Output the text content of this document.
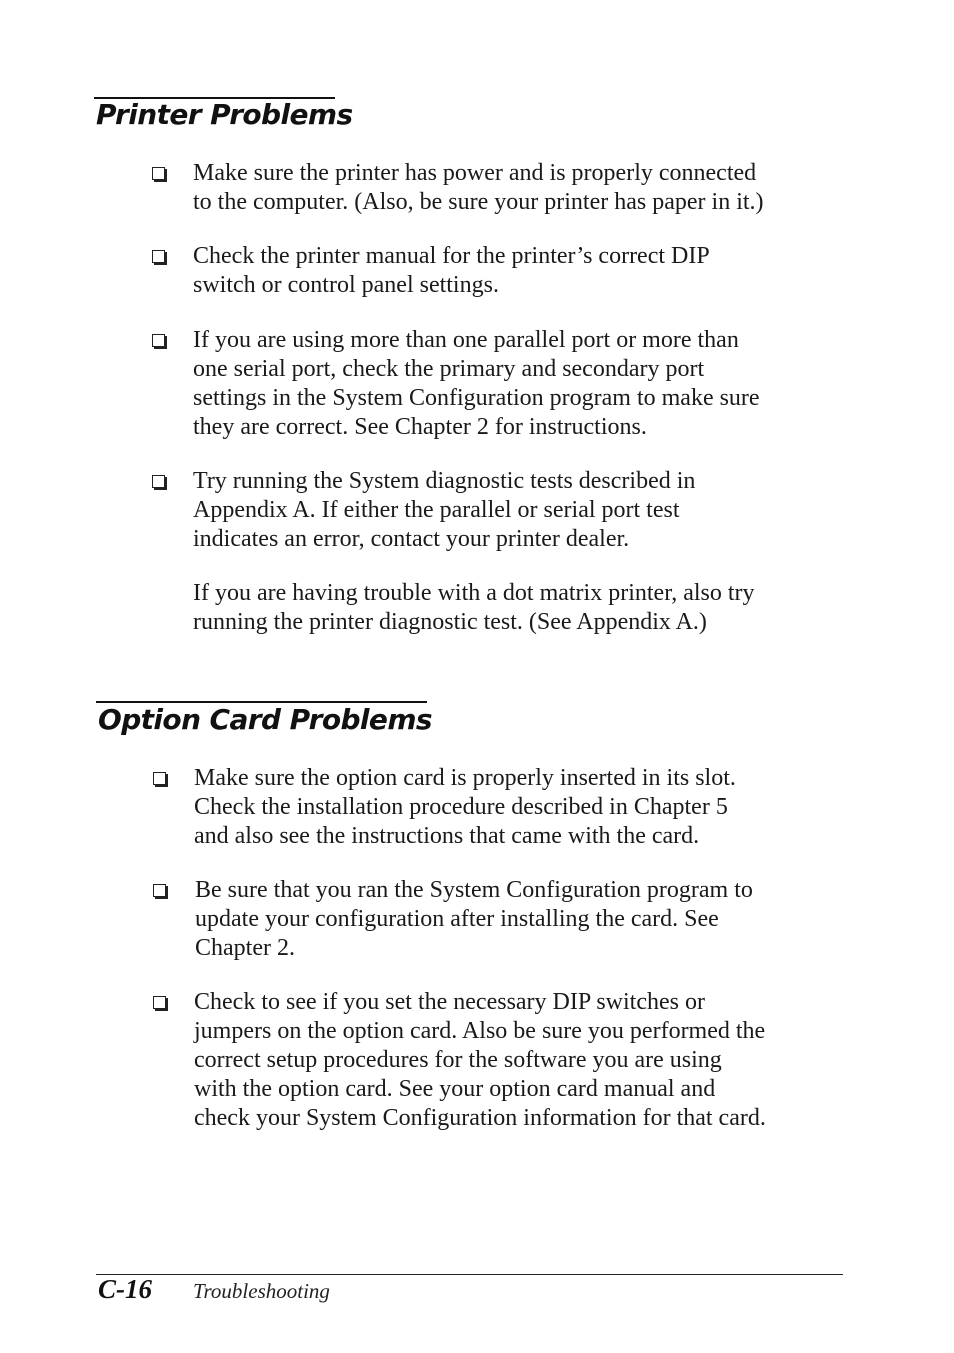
Printer Problems
Make sure the printer has power and is properly connected
to the computer. (Also, be sure your printer has paper in it.)
Check the printer manual for the printer’s correct DIP
switch or control panel settings.
If you are using more than one parallel port or more than
one serial port, check the primary and secondary port
settings in the System Configuration program to make sure
they are correct. See Chapter 2 for instructions.
Try running the System diagnostic tests described in
Appendix A. If either the parallel or serial port test
indicates an error, contact your printer dealer.
If you are having trouble with a dot matrix printer, also try
running the printer diagnostic test. (See Appendix A.)
Option Card Problems
Make sure the option card is properly inserted in its slot.
Check the installation procedure described in Chapter 5
and also see the instructions that came with the card.
Be sure that you ran the System Configuration program to
update your configuration after installing the card. See
Chapter 2.
Check to see if you set the necessary DIP switches or
jumpers on the option card. Also be sure you performed the
correct setup procedures for the software you are using
with the option card. See your option card manual and
check your System Configuration information for that card.
C-16 Troubleshooting
